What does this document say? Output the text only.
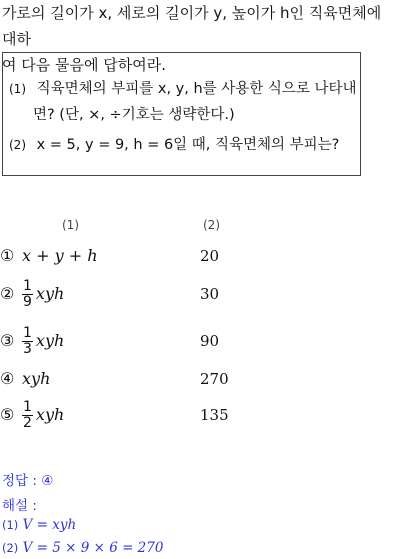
가로의 길이가 x, 세로의 길이가 y, 높이가 h인 직육면체에 대하
여 다음 물음에 답하여라.
(1) 직육면체의 부피를 x, y, h를 사용한 식으로 나타내
면? (단, ×, ÷기호는 생략한다.)
(2) x = 5, y = 9, h = 6일 때, 직육면체의 부피는?
(1)	(2)
① x + y + h	20
② $\frac{1}{9}$ xyh	30
③ $\frac{1}{3}$ xyh	90
④ xyh	270
⑤ $\frac{1}{2}$ xyh	135
정답 : ④
해설 :
(1) V = xyh
(2) V = 5 × 9 × 6 = 270
